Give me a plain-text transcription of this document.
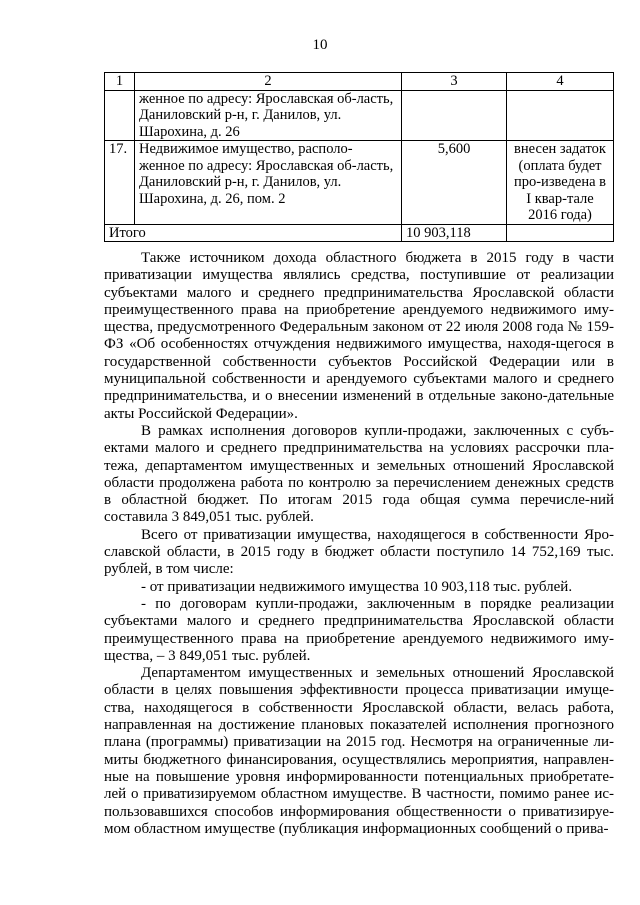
10
1	2	3	4
	женное по адресу: Ярославская об-ласть, Даниловский р-н, г. Данилов, ул. Шарохина, д. 26		
17.	Недвижимое имущество, располо-женное по адресу: Ярославская об-ласть, Даниловский р-н, г. Данилов, ул. Шарохина, д. 26, пом. 2	5,600	внесен задаток (оплата будет про-изведена в I квар-тале 2016 года)
Итого		10 903,118	

Также источником дохода областного бюджета в 2015 году в части приватизации имущества являлись средства, поступившие от реализации субъектами малого и среднего предпринимательства Ярославской области преимущественного права на приобретение арендуемого недвижимого иму-щества, предусмотренного Федеральным законом от 22 июля 2008 года № 159-ФЗ «Об особенностях отчуждения недвижимого имущества, находя-щегося в государственной собственности субъектов Российской Федерации или в муниципальной собственности и арендуемого субъектами малого и среднего предпринимательства, и о внесении изменений в отдельные законо-дательные акты Российской Федерации».

В рамках исполнения договоров купли-продажи, заключенных с субъ-ектами малого и среднего предпринимательства на условиях рассрочки пла-тежа, департаментом имущественных и земельных отношений Ярославской области продолжена работа по контролю за перечислением денежных средств в областной бюджет. По итогам 2015 года общая сумма перечисле-ний составила 3 849,051 тыс. рублей.

Всего от приватизации имущества, находящегося в собственности Яро-славской области, в 2015 году в бюджет области поступило 14 752,169 тыс. рублей, в том числе:

- от приватизации недвижимого имущества 10 903,118 тыс. рублей.

- по договорам купли-продажи, заключенным в порядке реализации субъектами малого и среднего предпринимательства Ярославской области преимущественного права на приобретение арендуемого недвижимого иму-щества, – 3 849,051 тыс. рублей.

Департаментом имущественных и земельных отношений Ярославской области в целях повышения эффективности процесса приватизации имуще-ства, находящегося в собственности Ярославской области, велась работа, направленная на достижение плановых показателей исполнения прогнозного плана (программы) приватизации на 2015 год. Несмотря на ограниченные ли-миты бюджетного финансирования, осуществлялись мероприятия, направлен-ные на повышение уровня информированности потенциальных приобретате-лей о приватизируемом областном имуществе. В частности, помимо ранее ис-пользовавшихся способов информирования общественности о приватизируе-мом областном имуществе (публикация информационных сообщений о прива-
